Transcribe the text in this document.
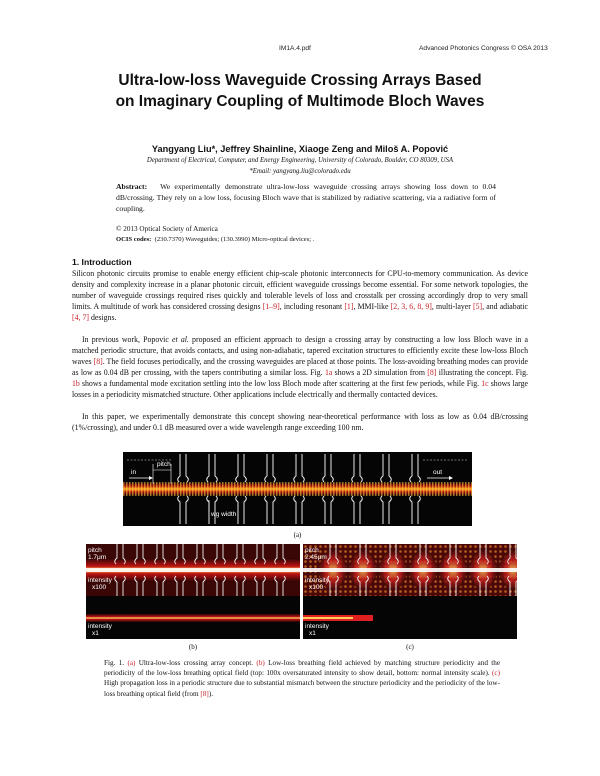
IM1A.4.pdf	Advanced Photonics Congress © OSA 2013
Ultra-low-loss Waveguide Crossing Arrays Based
on Imaginary Coupling of Multimode Bloch Waves
Yangyang Liu*, Jeffrey Shainline, Xiaoge Zeng and Miloš A. Popović
Department of Electrical, Computer, and Energy Engineering, University of Colorado, Boulder, CO 80309, USA
*Email: yangyang.liu@colorado.edu
Abstract: We experimentally demonstrate ultra-low-loss waveguide crossing arrays showing loss down to 0.04 dB/crossing. They rely on a low loss, focusing Bloch wave that is stabilized by radiative scattering, via a radiative form of coupling.
© 2013 Optical Society of America
OCIS codes: (230.7370) Waveguides; (130.3990) Micro-optical devices; .
1. Introduction
Silicon photonic circuits promise to enable energy efficient chip-scale photonic interconnects for CPU-to-memory communication. As device density and complexity increase in a planar photonic circuit, efficient waveguide crossings become essential. For some network topologies, the number of waveguide crossings required rises quickly and tolerable levels of loss and crosstalk per crossing accordingly drop to very small limits. A multitude of work has considered crossing designs [1–9], including resonant [1], MMI-like [2, 3, 6, 8, 9], multi-layer [5], and adiabatic [4, 7] designs.
In previous work, Popovic et al. proposed an efficient approach to design a crossing array by constructing a low loss Bloch wave in a matched periodic structure, that avoids contacts, and using non-adiabatic, tapered excitation structures to efficiently excite these low-loss Bloch waves [8]. The field focuses periodically, and the crossing waveguides are placed at those points. The loss-avoiding breathing modes can provide as low as 0.04 dB per crossing, with the tapers contributing a similar loss. Fig. 1a shows a 2D simulation from [8] illustrating the concept. Fig. 1b shows a fundamental mode excitation settling into the low loss Bloch mode after scattering at the first few periods, while Fig. 1c shows large losses in a periodicity mismatched structure. Other applications include electrically and thermally contacted devices.
In this paper, we experimentally demonstrate this concept showing near-theoretical performance with loss as low as 0.04 dB/crossing (1%/crossing), and under 0.1 dB measured over a wide wavelength range exceeding 100 nm.
pitch
in	out
wg width
(a)
pitch
1.7μm
intensity
x100
intensity
x1
(b)
pitch
2.45μm
intensity
x100
intensity
x1
(c)
Fig. 1. (a) Ultra-low-loss crossing array concept. (b) Low-loss breathing field achieved by matching structure periodicity and the periodicity of the low-loss breathing optical field (top: 100x oversaturated intensity to show detail, bottom: normal intensity scale). (c) High propagation loss in a periodic structure due to substantial mismatch between the structure periodicity and the periodicity of the low-loss breathing optical field (from [8]).
